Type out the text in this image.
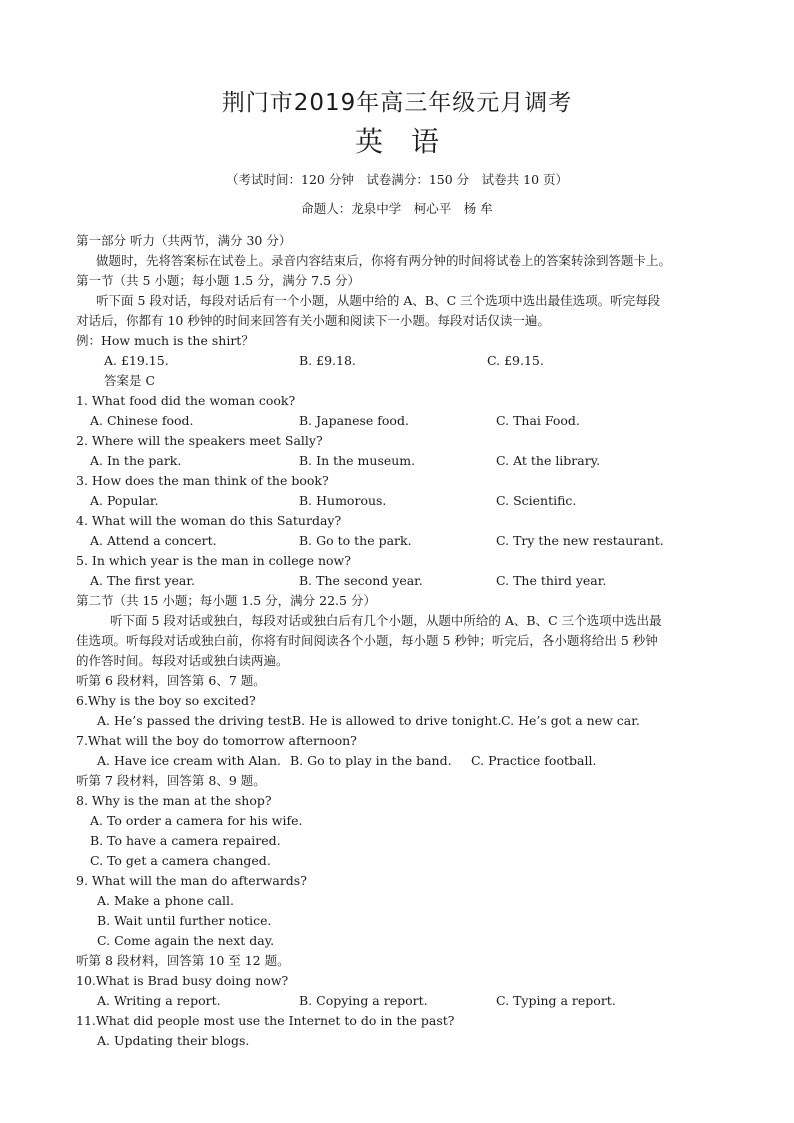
荆门市2019年高三年级元月调考
英　语
（考试时间：120 分钟　试卷满分：150 分　试卷共 10 页）
命题人：龙泉中学　柯心平　杨 牟
第一部分 听力（共两节，满分 30 分）
做题时，先将答案标在试卷上。录音内容结束后，你将有两分钟的时间将试卷上的答案转涂到答题卡上。
第一节（共 5 小题；每小题 1.5 分，满分 7.5 分）
听下面 5 段对话，每段对话后有一个小题，从题中给的 A、B、C 三个选项中选出最佳选项。听完每段
对话后，你都有 10 秒钟的时间来回答有关小题和阅读下一小题。每段对话仅读一遍。
例：How much is the shirt？
A. £19.15.	B. £9.18.	C. £9.15.
答案是 C
1. What food did the woman cook?
A. Chinese food.	B. Japanese food.	C. Thai Food.
2. Where will the speakers meet Sally?
A. In the park.	B. In the museum.	C. At the library.
3. How does the man think of the book?
A. Popular.	B. Humorous.	C. Scientific.
4. What will the woman do this Saturday?
A. Attend a concert.	B. Go to the park.	C. Try the new restaurant.
5. In which year is the man in college now?
A. The first year.	B. The second year.	C. The third year.
第二节（共 15 小题；每小题 1.5 分，满分 22.5 分）
听下面 5 段对话或独白，每段对话或独白后有几个小题，从题中所给的 A、B、C 三个选项中选出最
佳选项。听每段对话或独白前，你将有时间阅读各个小题，每小题 5 秒钟；听完后，各小题将给出 5 秒钟
的作答时间。每段对话或独白读两遍。
听第 6 段材料，回答第 6、7 题。
6.Why is the boy so excited?
A. He’s passed the driving test.
B. He is allowed to drive tonight. C. He’s got a new car.
7.What will the boy do tomorrow afternoon?
A. Have ice cream with Alan. B. Go to play in the band. C. Practice football.
听第 7 段材料，回答第 8、9 题。
8. Why is the man at the shop?
A. To order a camera for his wife.
B. To have a camera repaired.
C. To get a camera changed.
9. What will the man do afterwards?
A. Make a phone call.
B. Wait until further notice.
C. Come again the next day.
听第 8 段材料，回答第 10 至 12 题。
10.What is Brad busy doing now?
A. Writing a report.	B. Copying a report.	C. Typing a report.
11.What did people most use the Internet to do in the past?
A. Updating their blogs.
